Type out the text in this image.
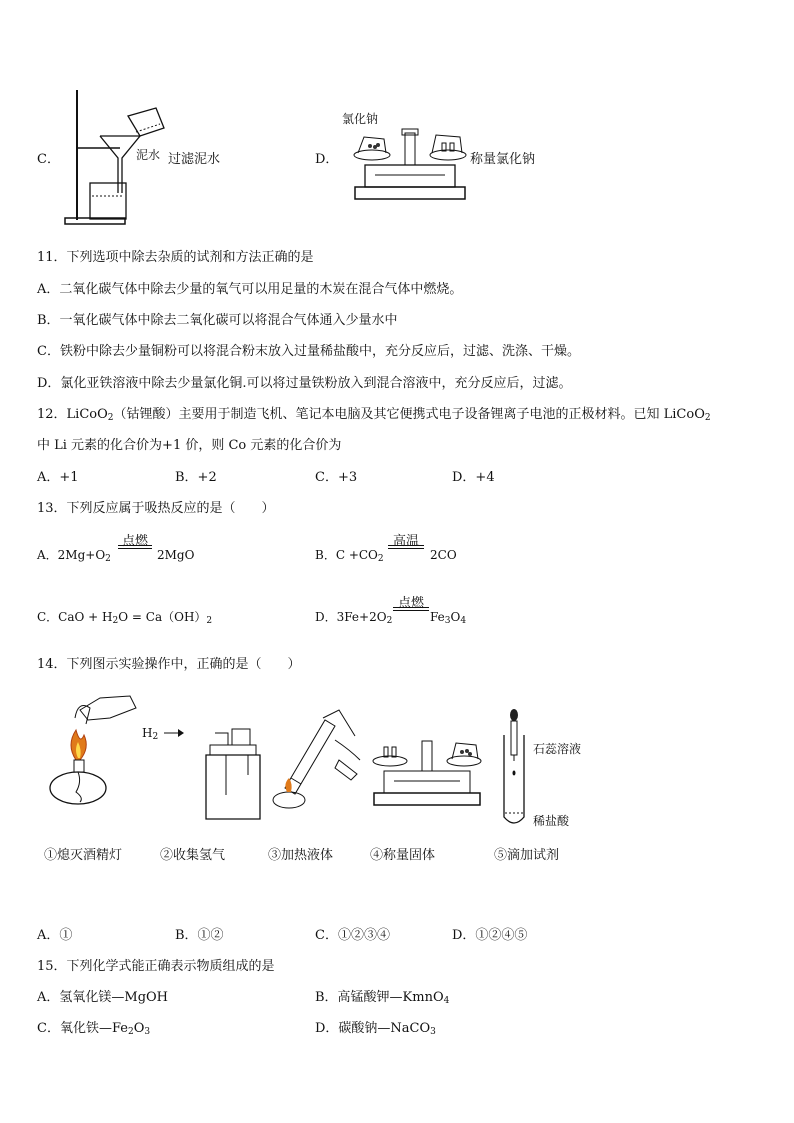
C．	泥水 过滤泥水	D．
氯化钠
称量氯化钠
11．下列选项中除去杂质的试剂和方法正确的是
A．二氧化碳气体中除去少量的氧气可以用足量的木炭在混合气体中燃烧。
B．一氧化碳气体中除去二氧化碳可以将混合气体通入少量水中
C．铁粉中除去少量铜粉可以将混合粉末放入过量稀盐酸中，充分反应后，过滤、洗涤、干燥。
D．氯化亚铁溶液中除去少量氯化铜.可以将过量铁粉放入到混合溶液中，充分反应后，过滤。
12．LiCoO$_2$（钴锂酸）主要用于制造飞机、笔记本电脑及其它便携式电子设备锂离子电池的正极材料。已知 LiCoO$_2$
中 Li 元素的化合价为+1 价，则 Co 元素的化合价为
A．+1	B．+2	C．+3	D．+4
13．下列反应属于吸热反应的是（　　）
A．$2Mg+O_2$
点燃
2MgO	B．$C +CO_2$
高温
2CO
C．CaO + $H_2O = Ca(OH)_2$	D．$3Fe+2O_2$
点燃
$Fe_3O_4$
14．下列图示实验操作中，正确的是（　　）
$H_2$
石蕊溶液
稀盐酸
①熄灭酒精灯	②收集氢气	③加热液体	④称量固体	⑤滴加试剂
A．①	B．①②	C．①②③④	D．①②④⑤
15．下列化学式能正确表示物质组成的是
A．氢氧化镁—MgOH	B．高锰酸钾—KmnO$_4$
C．氧化铁$—Fe_2O_3$	D．碳酸钠—NaCO$_3$
